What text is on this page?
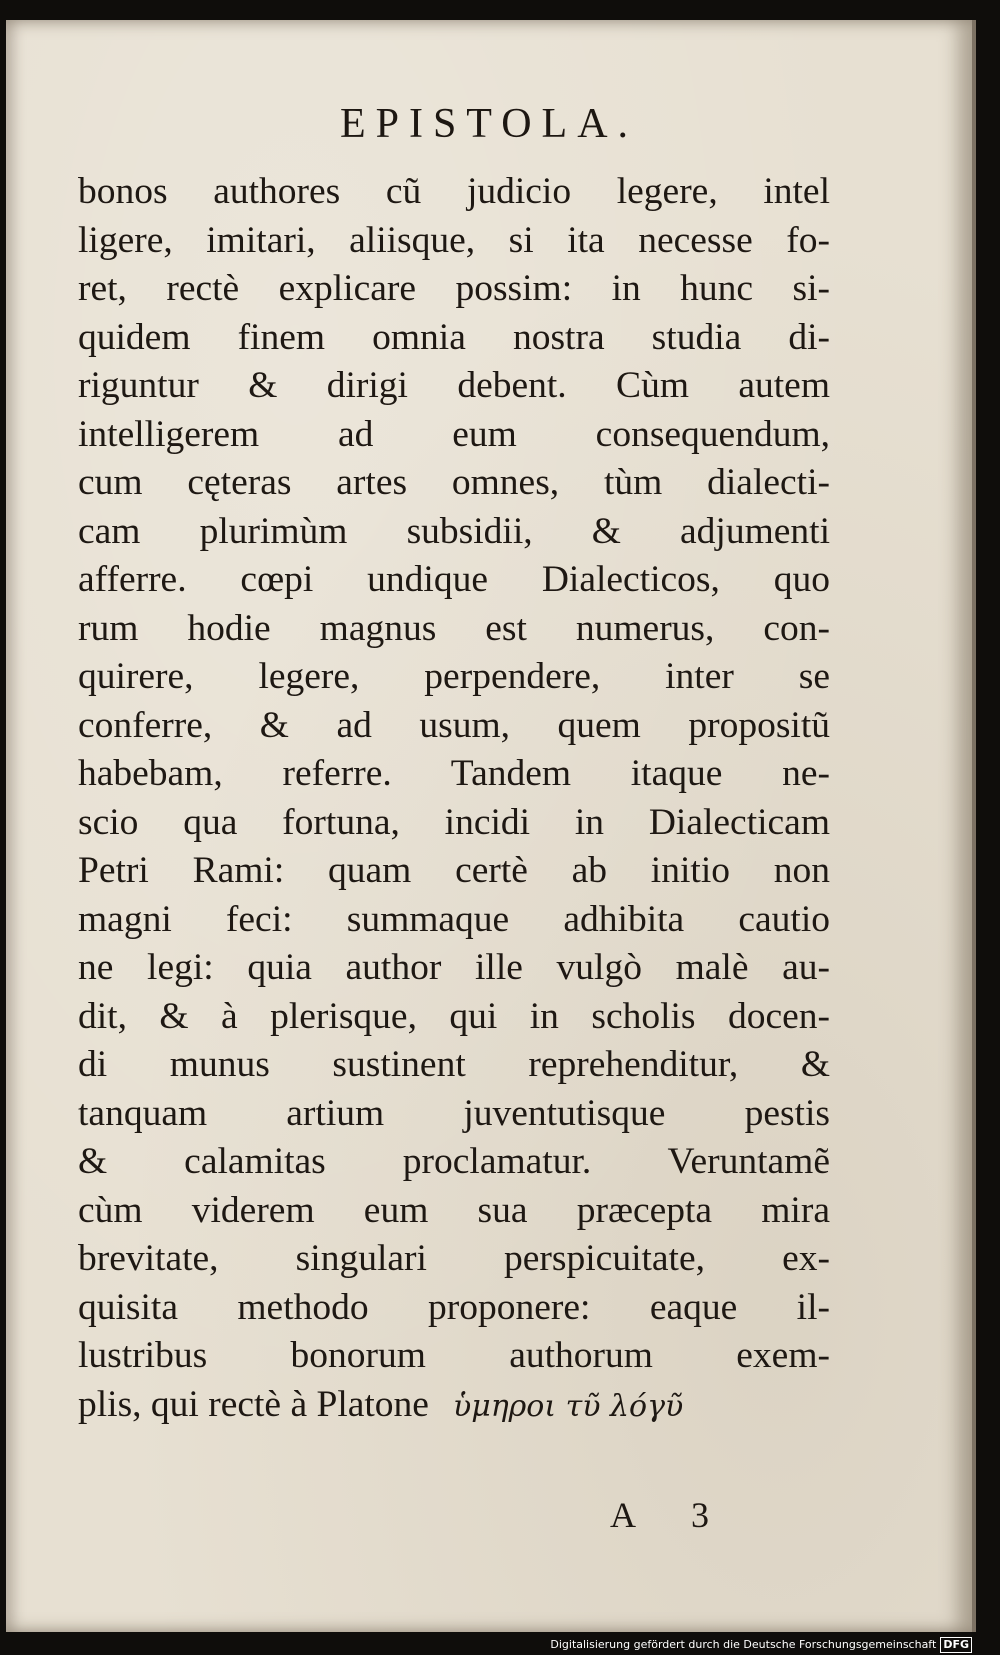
EPISTOLA.
bonos authores cũ judicio legere, intel
ligere, imitari, aliisque, si ita necesse fo-
ret, rectè explicare possim: in hunc si-
quidem finem omnia nostra studia di-
riguntur & dirigi debent. Cùm autem
intelligerem ad eum consequendum,
cum cęteras artes omnes, tùm dialecti-
cam plurimùm subsidii, & adjumenti
afferre. cœpi undique Dialecticos, quo
rum hodie magnus est numerus, con-
quirere, legere, perpendere, inter se
conferre, & ad usum, quem propositũ
habebam, referre. Tandem itaque ne-
scio qua fortuna, incidi in Dialecticam
Petri Rami: quam certè ab initio non
magni feci: summaque adhibita cautio
ne legi: quia author ille vulgò malè au-
dit, & à plerisque, qui in scholis docen-
di munus sustinent reprehenditur, &
tanquam artium juventutisque pestis
& calamitas proclamatur. Veruntamẽ
cùm viderem eum sua præcepta mira
brevitate, singulari perspicuitate, ex-
quisita methodo proponere: eaque il-
lustribus bonorum authorum exem-
plis, qui rectè à Platone ὑμηροι τῦ λόγῦ
A 3
Digitalisierung gefördert durch die Deutsche Forschungsgemeinschaft DFG
